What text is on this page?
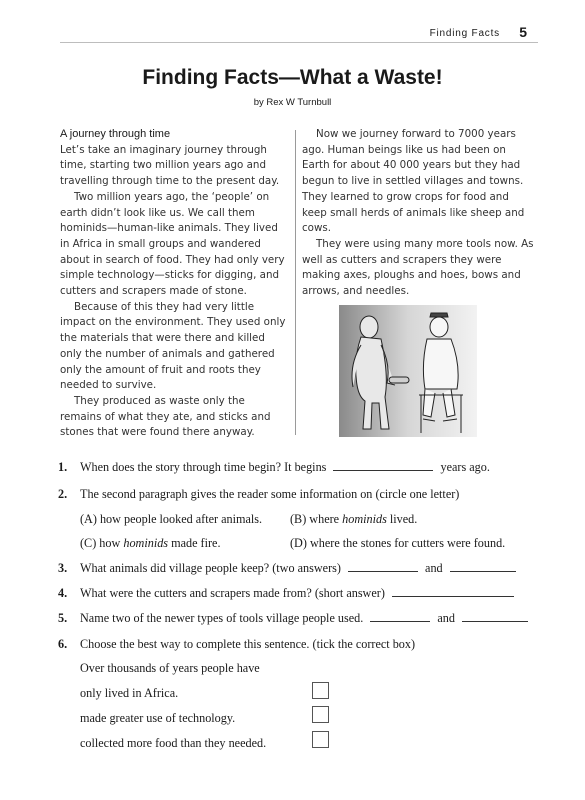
Finding Facts 5
Finding Facts—What a Waste!
by Rex W Turnbull

A journey through time

Let’s take an imaginary journey through time, starting two million years ago and travelling through time to the present day.

Two million years ago, the ‘people’ on earth didn’t look like us. We call them hominids—human-like animals. They lived in Africa in small groups and wandered about in search of food. They had only very simple technology—sticks for digging, and cutters and scrapers made of stone.

Because of this they had very little impact on the environment. They used only the materials that were there and killed only the number of animals and gathered only the amount of fruit and roots they needed to survive.

They produced as waste only the remains of what they ate, and sticks and stones that were found there anyway.

Now we journey forward to 7000 years ago. Human beings like us had been on Earth for about 40 000 years but they had begun to live in settled villages and towns. They learned to grow crops for food and keep small herds of animals like sheep and cows.

They were using many more tools now. As well as cutters and scrapers they were making axes, ploughs and hoes, bows and arrows, and needles.

1. When does the story through time begin? It begins	years ago.
2. The second paragraph gives the reader some information on (circle one letter)
(A) how people looked after animals. (B) where hominids lived.
(C) how hominids made fire.	(D) where the stones for cutters were found.
3. What animals did village people keep? (two answers)	and
4. What were the cutters and scrapers made from? (short answer)
5. Name two of the newer types of tools village people used.	and
6. Choose the best way to complete this sentence. (tick the correct box)
Over thousands of years people have
only lived in Africa.
made greater use of technology.
collected more food than they needed.
